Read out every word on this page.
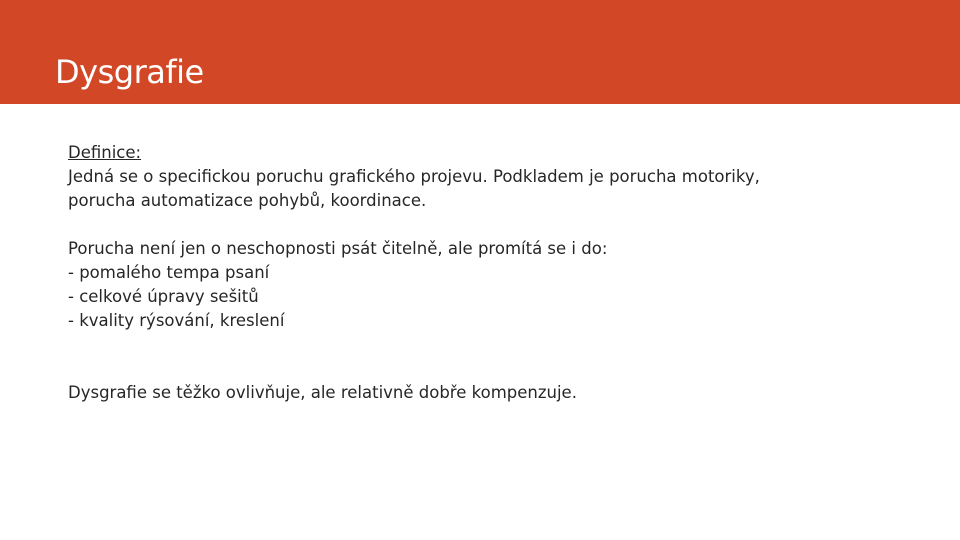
Dysgrafie

Definice:

Jedná se o specifickou poruchu grafického projevu. Podkladem je porucha motoriky,

porucha automatizace pohybů, koordinace.

Porucha není jen o neschopnosti psát čitelně, ale promítá se i do:

- pomalého tempa psaní
- celkové úpravy sešitů
- kvality rýsování, kreslení

Dysgrafie se těžko ovlivňuje, ale relativně dobře kompenzuje.
